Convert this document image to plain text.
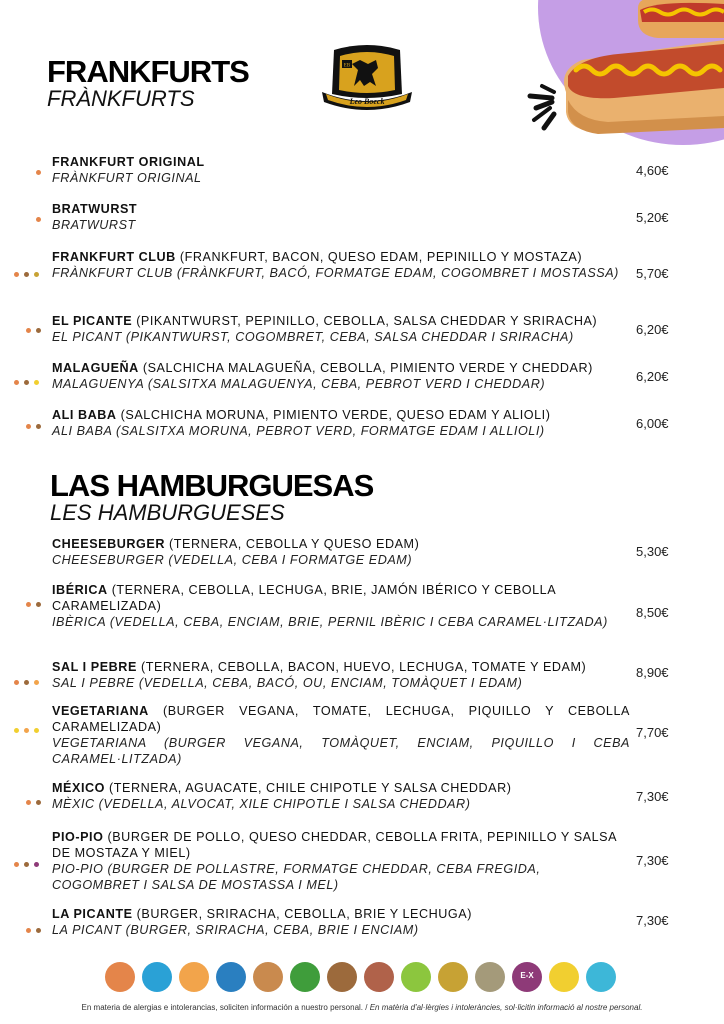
FRANKFURTS
FRÀNKFURTS
EB
Leo Boeck

FRANKFURT ORIGINAL

FRÀNKFURT ORIGINAL	4,60€

BRATWURST

BRATWURST	5,20€

FRANKFURT CLUB (FRANKFURT, BACON, QUESO EDAM, PEPINILLO Y MOSTAZA)

FRÀNKFURT CLUB (FRÀNKFURT, BACÓ, FORMATGE EDAM, COGOMBRET I MOSTASSA)	5,70€

EL PICANTE (PIKANTWURST, PEPINILLO, CEBOLLA, SALSA CHEDDAR Y SRIRACHA)

EL PICANT (PIKANTWURST, COGOMBRET, CEBA, SALSA CHEDDAR I SRIRACHA)	6,20€

MALAGUEÑA (SALCHICHA MALAGUEÑA, CEBOLLA, PIMIENTO VERDE Y CHEDDAR)

MALAGUENYA (SALSITXA MALAGUENYA, CEBA, PEBROT VERD I CHEDDAR)	6,20€

ALI BABA (SALCHICHA MORUNA, PIMIENTO VERDE, QUESO EDAM Y ALIOLI)

ALI BABA (SALSITXA MORUNA, PEBROT VERD, FORMATGE EDAM I ALLIOLI)	6,00€
LAS HAMBURGUESAS
LES HAMBURGUESES

CHEESEBURGER (TERNERA, CEBOLLA Y QUESO EDAM)

CHEESEBURGER (VEDELLA, CEBA I FORMATGE EDAM)

5,30€

IBÉRICA (TERNERA, CEBOLLA, LECHUGA, BRIE, JAMÓN IBÉRICO Y CEBOLLA CARAMELIZADA)

IBÈRICA (VEDELLA, CEBA, ENCIAM, BRIE, PERNIL IBÈRIC I CEBA CARAMEL·LITZADA)

8,50€

SAL I PEBRE (TERNERA, CEBOLLA, BACON, HUEVO, LECHUGA, TOMATE Y EDAM)

SAL I PEBRE (VEDELLA, CEBA, BACÓ, OU, ENCIAM, TOMÀQUET I EDAM)

8,90€

VEGETARIANA (BURGER VEGANA, TOMATE, LECHUGA, PIQUILLO Y CEBOLLA CARAMELIZADA)

VEGETARIANA (BURGER VEGANA, TOMÀQUET, ENCIAM, PIQUILLO I CEBA CARAMEL·LITZADA)

7,70€

MÉXICO (TERNERA, AGUACATE, CHILE CHIPOTLE Y SALSA CHEDDAR)

MÈXIC (VEDELLA, ALVOCAT, XILE CHIPOTLE I SALSA CHEDDAR)	7,30€

PIO-PIO (BURGER DE POLLO, QUESO CHEDDAR, CEBOLLA FRITA, PEPINILLO Y SALSA DE MOSTAZA Y MIEL)

PIO-PIO (BURGER DE POLLASTRE, FORMATGE CHEDDAR, CEBA FREGIDA, COGOMBRET I SALSA DE MOSTASSA I MEL)

7,30€

LA PICANTE (BURGER, SRIRACHA, CEBOLLA, BRIE Y LECHUGA)

LA PICANT (BURGER, SRIRACHA, CEBA, BRIE I ENCIAM)

7,30€
E-X
En materia de alergias e intolerancias, soliciten información a nuestro personal. / En matèria d'al·lèrgies i intoleràncies, sol·licitin informació al nostre personal.
